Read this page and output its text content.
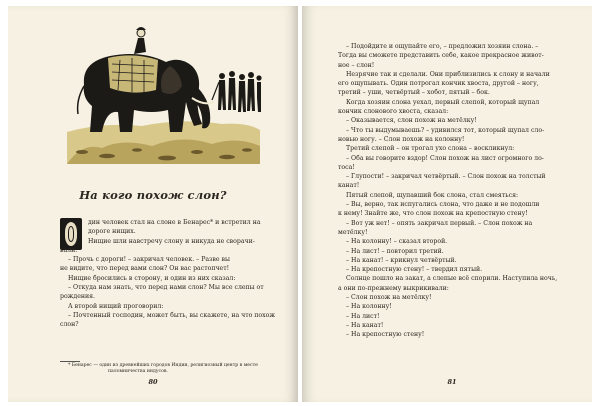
На кого похож слон?

дин человек стал на слоне в Бенарес* и встретил на

дороге нищих.

Нищие шли навстречу слону и никуда не сворачи-

вали.

– Прочь с дороги! – закричал человек. – Разве вы

не видите, что перед вами слон? Он вас растопчет!

Нищие бросились в сторону, и один из них сказал:

– Откуда нам знать, что перед нами слон? Мы все слепы от

рождения.

А второй нищий проговорил:

– Почтенный господин, может быть, вы скажете, на что похож

слон?

* Бенарес — один из древнейших городов Индии, религиозный центр в месте
паломничества индусов.
80

– Подойдите и ощупайте его, – предложил хозяин слона. –

Тогда вы сможете представить себе, какое прекрасное живот-

ное – слон!

Незрячие так и сделали. Они приблизились к слону и начали

его ощупывать. Один потрогал кончик хвоста, другой – ногу,

третий – уши, четвёртый – хобот, пятый – бок.

Когда хозяин слона уехал, первый слепой, который щупал

кончик слонового хвоста, сказал:

– Оказывается, слон похож на метёлку!

– Что ты выдумываешь? – удивился тот, который щупал сло-

новью ногу. – Слон похож на колонну!

Третий слепой – он трогал ухо слона – воскликнул:

– Оба вы говорите вздор! Слон похож на лист огромного ло-

тоса!

– Глупости! – закричал четвёртый. – Слон похож на толстый

канат!

Пятый слепой, щупавший бок слона, стал смеяться:

– Вы, верно, так испугались слона, что даже и не подошли

к нему! Знайте же, что слон похож на крепостную стену!

– Вот уж нет! – опять закричал первый. – Слон похож на

метёлку!

– На колонну! – сказал второй.

– На лист! – повторил третий.

– На канат! – крикнул четвёртый.

– На крепостную стену! – твердил пятый.

Солнце пошло на закат, а слепые всё спорили. Наступила ночь,

а они по-прежнему выкрикивали:

– Слон похож на метёлку!

– На колонну!

– На лист!

– На канат!

– На крепостную стену!

81
